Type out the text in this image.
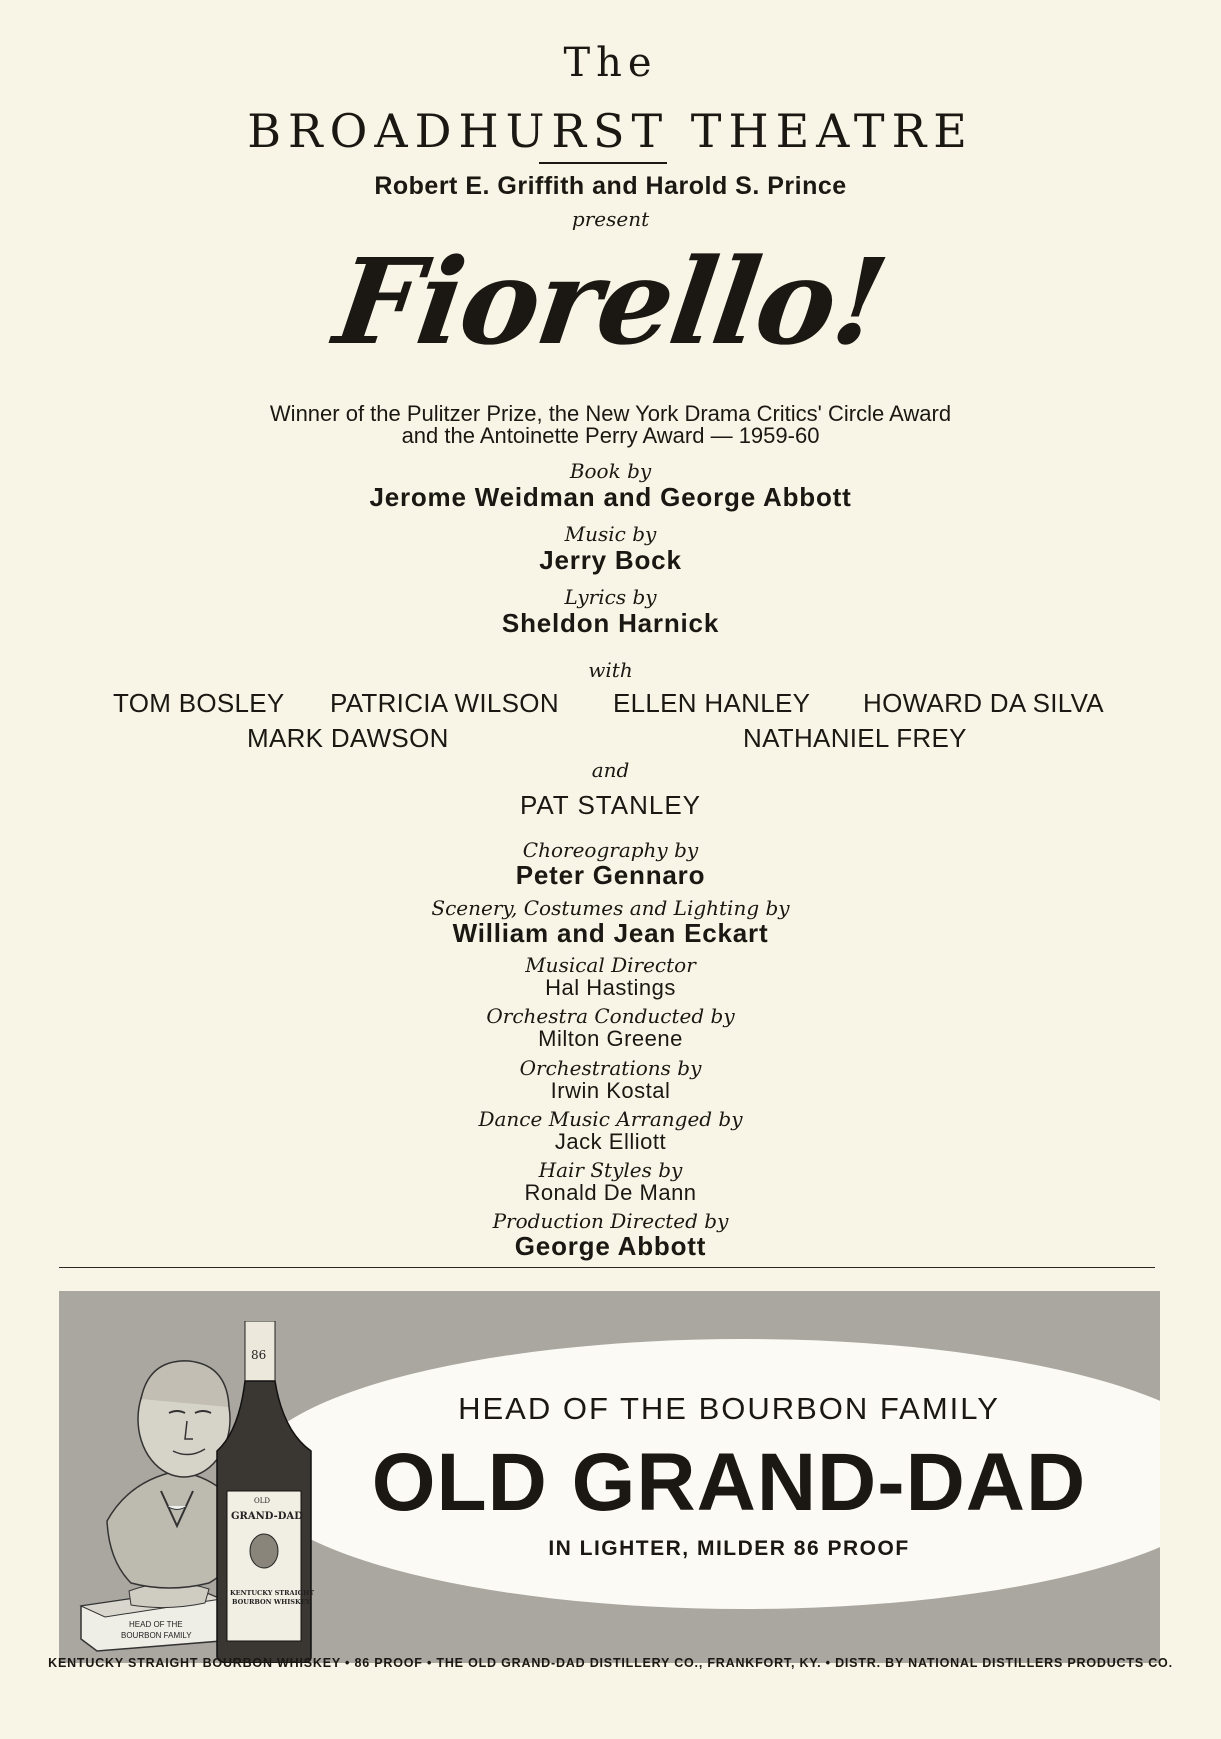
The
BROADHURST THEATRE
Robert E. Griffith and Harold S. Prince
present
Fiorello!
Winner of the Pulitzer Prize, the New York Drama Critics' Circle Award
and the Antoinette Perry Award — 1959-60
Book by
Jerome Weidman and George Abbott
Music by
Jerry Bock
Lyrics by
Sheldon Harnick
with
TOM BOSLEY PATRICIA WILSON ELLEN HANLEY HOWARD DA SILVA
MARK DAWSON	NATHANIEL FREY
and
PAT STANLEY
Choreography by
Peter Gennaro
Scenery, Costumes and Lighting by
William and Jean Eckart
Musical Director
Hal Hastings
Orchestra Conducted by
Milton Greene
Orchestrations by
Irwin Kostal
Dance Music Arranged by
Jack Elliott
Hair Styles by
Ronald De Mann
Production Directed by
George Abbott
HEAD OF THE
BOURBON FAMILY
86
OLD
GRAND-DAD
KENTUCKY STRAIGHT
BOURBON WHISKEY
HEAD OF THE BOURBON FAMILY
OLD GRAND-DAD
IN LIGHTER, MILDER 86 PROOF
KENTUCKY STRAIGHT BOURBON WHISKEY • 86 PROOF • THE OLD GRAND-DAD DISTILLERY CO., FRANKFORT, KY. • DISTR. BY NATIONAL DISTILLERS PRODUCTS CO.
